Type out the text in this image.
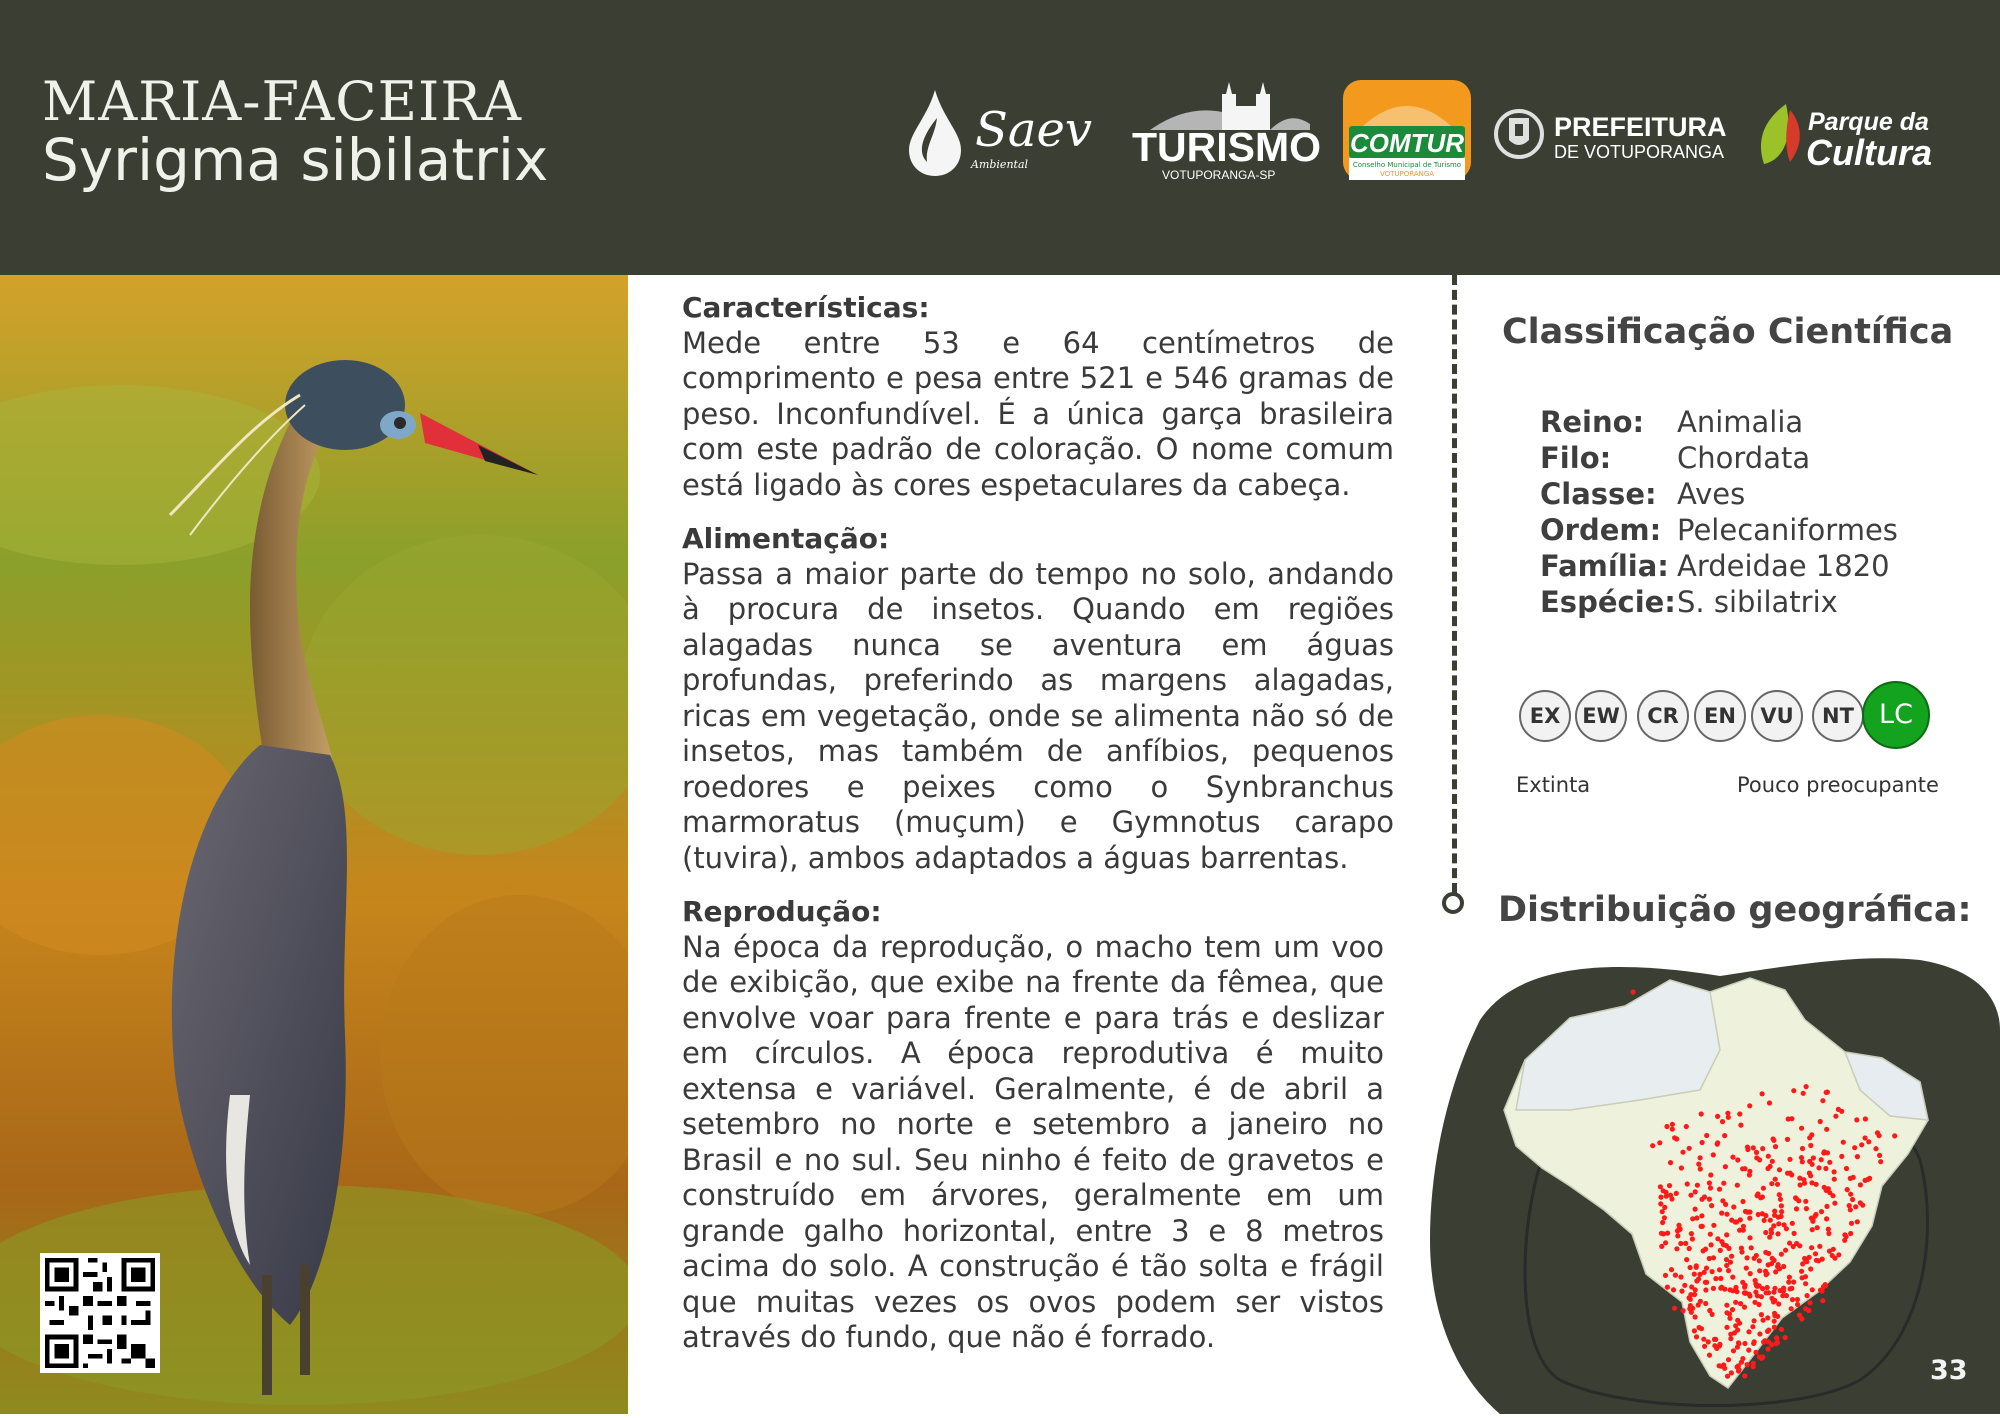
MARIA-FACEIRA
Syrigma sibilatrix	Saev
Ambiental	TURISMO
VOTUPORANGA-SP
COMTUR
Conselho Municipal de Turismo
VOTUPORANGA
PREFEITURA
DE VOTUPORANGA
Parque da
Cultura

Características:

Mede entre 53 e 64 centímetros de comprimento e pesa entre 521 e 546 gramas de peso. Inconfundível. É a única garça brasileira com este padrão de coloração. O nome comum está ligado às cores espetaculares da cabeça.

Alimentação:

Passa a maior parte do tempo no solo, andando à procura de insetos. Quando em regiões alagadas nunca se aventura em águas profundas, preferindo as margens alagadas, ricas em vegetação, onde se alimenta não só de insetos, mas também de anfíbios, pequenos roedores e peixes como o Synbranchus marmoratus (muçum) e Gymnotus carapo (tuvira), ambos adaptados a águas barrentas.

Reprodução:

Na época da reprodução, o macho tem um voo de exibição, que exibe na frente da fêmea, que envolve voar para frente e para trás e deslizar em círculos. A época reprodutiva é muito extensa e variável. Geralmente, é de abril a setembro no norte e setembro a janeiro no Brasil e no sul. Seu ninho é feito de gravetos e construído em árvores, geralmente em um grande galho horizontal, entre 3 e 8 metros acima do solo. A construção é tão solta e frágil que muitas vezes os ovos podem ser vistos através do fundo, que não é forrado.

Classificação Científica
Reino: Animalia
Filo: Chordata
Classe: Aves
Ordem: Pelecaniformes
Família: Ardeidae 1820
Espécie:S. sibilatrix
EX	EW	CR	EN	VU	NT LC
Extinta	Pouco preocupante
Distribuição geográfica:
33
